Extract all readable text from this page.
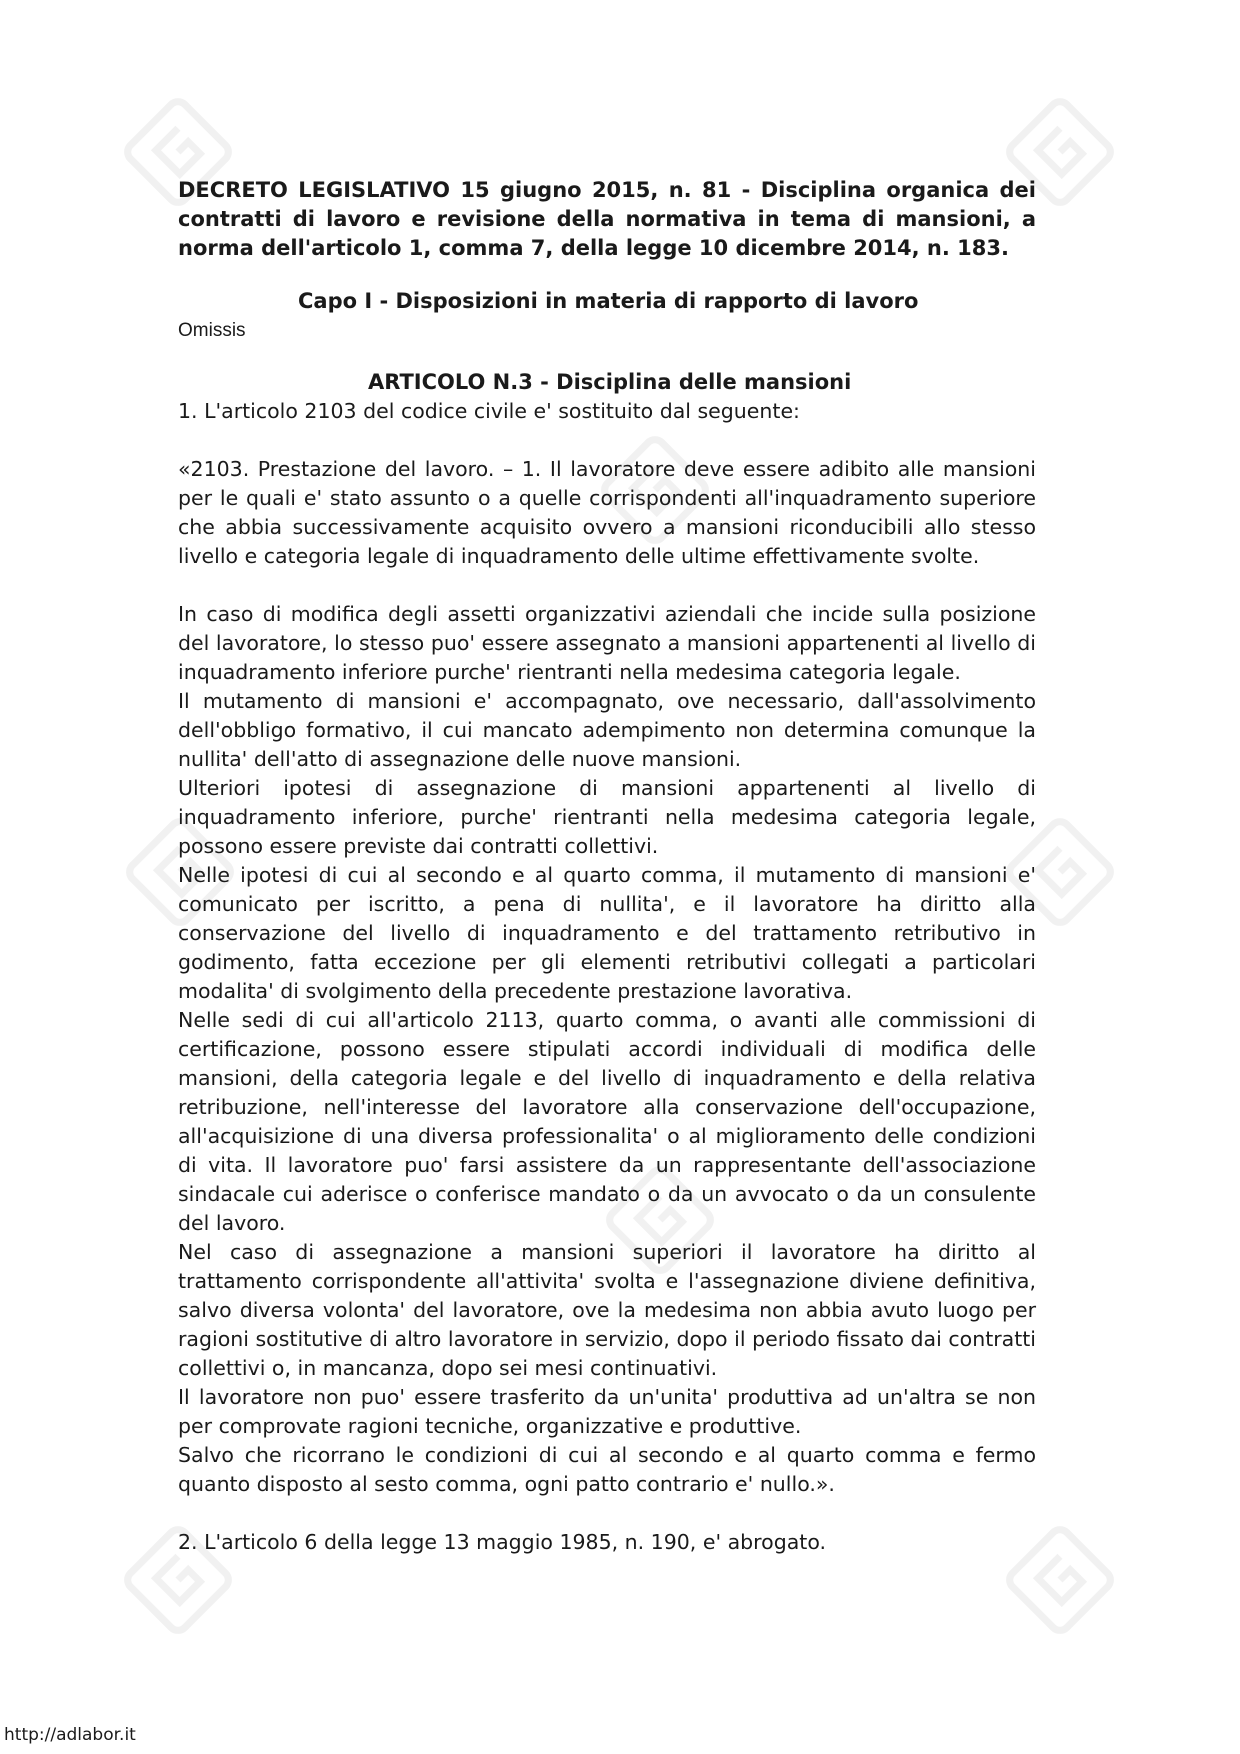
DECRETO LEGISLATIVO 15 giugno 2015, n. 81 - Disciplina organica dei contratti di lavoro e revisione della normativa in tema di mansioni, a norma dell'articolo 1, comma 7, della legge 10 dicembre 2014, n. 183.

Capo I - Disposizioni in materia di rapporto di lavoro
Omissis
ARTICOLO N.3 - Disciplina delle mansioni

1. L'articolo 2103 del codice civile e' sostituito dal seguente:

«2103. Prestazione del lavoro. – 1. Il lavoratore deve essere adibito alle mansioni per le quali e' stato assunto o a quelle corrispondenti all'inquadramento superiore che abbia successivamente acquisito ovvero a mansioni riconducibili allo stesso livello e categoria legale di inquadramento delle ultime effettivamente svolte.

In caso di modifica degli assetti organizzativi aziendali che incide sulla posizione del lavoratore, lo stesso puo' essere assegnato a mansioni appartenenti al livello di inquadramento inferiore purche' rientranti nella medesima categoria legale.

Il mutamento di mansioni e' accompagnato, ove necessario, dall'assolvimento dell'obbligo formativo, il cui mancato adempimento non determina comunque la nullita' dell'atto di assegnazione delle nuove mansioni.

Ulteriori ipotesi di assegnazione di mansioni appartenenti al livello di inquadramento inferiore, purche' rientranti nella medesima categoria legale, possono essere previste dai contratti collettivi.

Nelle ipotesi di cui al secondo e al quarto comma, il mutamento di mansioni e' comunicato per iscritto, a pena di nullita', e il lavoratore ha diritto alla conservazione del livello di inquadramento e del trattamento retributivo in godimento, fatta eccezione per gli elementi retributivi collegati a particolari modalita' di svolgimento della precedente prestazione lavorativa.

Nelle sedi di cui all'articolo 2113, quarto comma, o avanti alle commissioni di certificazione, possono essere stipulati accordi individuali di modifica delle mansioni, della categoria legale e del livello di inquadramento e della relativa retribuzione, nell'interesse del lavoratore alla conservazione dell'occupazione, all'acquisizione di una diversa professionalita' o al miglioramento delle condizioni di vita. Il lavoratore puo' farsi assistere da un rappresentante dell'associazione sindacale cui aderisce o conferisce mandato o da un avvocato o da un consulente del lavoro.

Nel caso di assegnazione a mansioni superiori il lavoratore ha diritto al trattamento corrispondente all'attivita' svolta e l'assegnazione diviene definitiva, salvo diversa volonta' del lavoratore, ove la medesima non abbia avuto luogo per ragioni sostitutive di altro lavoratore in servizio, dopo il periodo fissato dai contratti collettivi o, in mancanza, dopo sei mesi continuativi.

Il lavoratore non puo' essere trasferito da un'unita' produttiva ad un'altra se non per comprovate ragioni tecniche, organizzative e produttive.

Salvo che ricorrano le condizioni di cui al secondo e al quarto comma e fermo quanto disposto al sesto comma, ogni patto contrario e' nullo.».

2. L'articolo 6 della legge 13 maggio 1985, n. 190, e' abrogato.

http://adlabor.it
